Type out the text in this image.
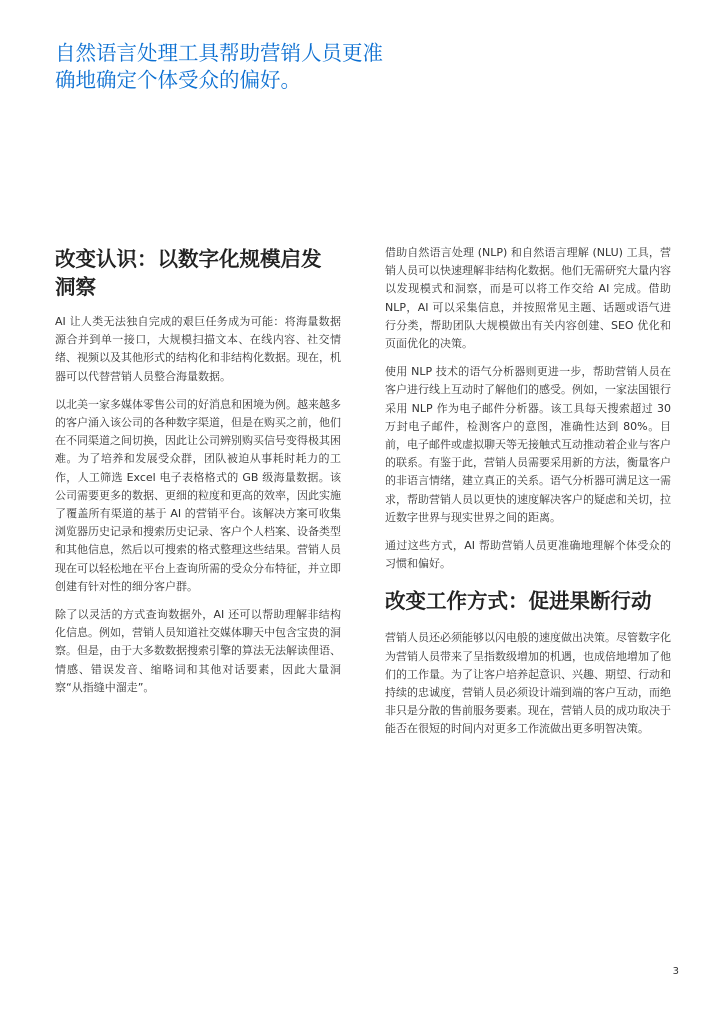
自然语言处理工具帮助营销人员更准确地确定个体受众的偏好。
改变认识：以数字化规模启发洞察

AI 让人类无法独自完成的艰巨任务成为可能：将海量数据源合并到单一接口，大规模扫描文本、在线内容、社交情绪、视频以及其他形式的结构化和非结构化数据。现在，机器可以代替营销人员整合海量数据。

以北美一家多媒体零售公司的好消息和困境为例。越来越多的客户涌入该公司的各种数字渠道，但是在购买之前，他们在不同渠道之间切换，因此让公司辨别购买信号变得极其困难。为了培养和发展受众群，团队被迫从事耗时耗力的工作，人工筛选 Excel 电子表格格式的 GB 级海量数据。该公司需要更多的数据、更细的粒度和更高的效率，因此实施了覆盖所有渠道的基于 AI 的营销平台。该解决方案可收集浏览器历史记录和搜索历史记录、客户个人档案、设备类型和其他信息，然后以可搜索的格式整理这些结果。营销人员现在可以轻松地在平台上查询所需的受众分布特征，并立即创建有针对性的细分客户群。

除了以灵活的方式查询数据外，AI 还可以帮助理解非结构化信息。例如，营销人员知道社交媒体聊天中包含宝贵的洞察。但是，由于大多数数据搜索引擎的算法无法解读俚语、情感、错误发音、缩略词和其他对话要素，因此大量洞察“从指缝中溜走”。

借助自然语言处理 (NLP) 和自然语言理解 (NLU) 工具，营销人员可以快速理解非结构化数据。他们无需研究大量内容以发现模式和洞察，而是可以将工作交给 AI 完成。借助 NLP，AI 可以采集信息，并按照常见主题、话题或语气进行分类，帮助团队大规模做出有关内容创建、SEO 优化和页面优化的决策。

使用 NLP 技术的语气分析器则更进一步，帮助营销人员在客户进行线上互动时了解他们的感受。例如，一家法国银行采用 NLP 作为电子邮件分析器。该工具每天搜索超过 30 万封电子邮件，检测客户的意图，准确性达到 80%。目前，电子邮件或虚拟聊天等无接触式互动推动着企业与客户的联系。有鉴于此，营销人员需要采用新的方法，衡量客户的非语言情绪，建立真正的关系。语气分析器可满足这一需求，帮助营销人员以更快的速度解决客户的疑虑和关切，拉近数字世界与现实世界之间的距离。

通过这些方式，AI 帮助营销人员更准确地理解个体受众的习惯和偏好。

改变工作方式：促进果断行动

营销人员还必须能够以闪电般的速度做出决策。尽管数字化为营销人员带来了呈指数级增加的机遇，也成倍地增加了他们的工作量。为了让客户培养起意识、兴趣、期望、行动和持续的忠诚度，营销人员必须设计端到端的客户互动，而绝非只是分散的售前服务要素。现在，营销人员的成功取决于能否在很短的时间内对更多工作流做出更多明智决策。

3
